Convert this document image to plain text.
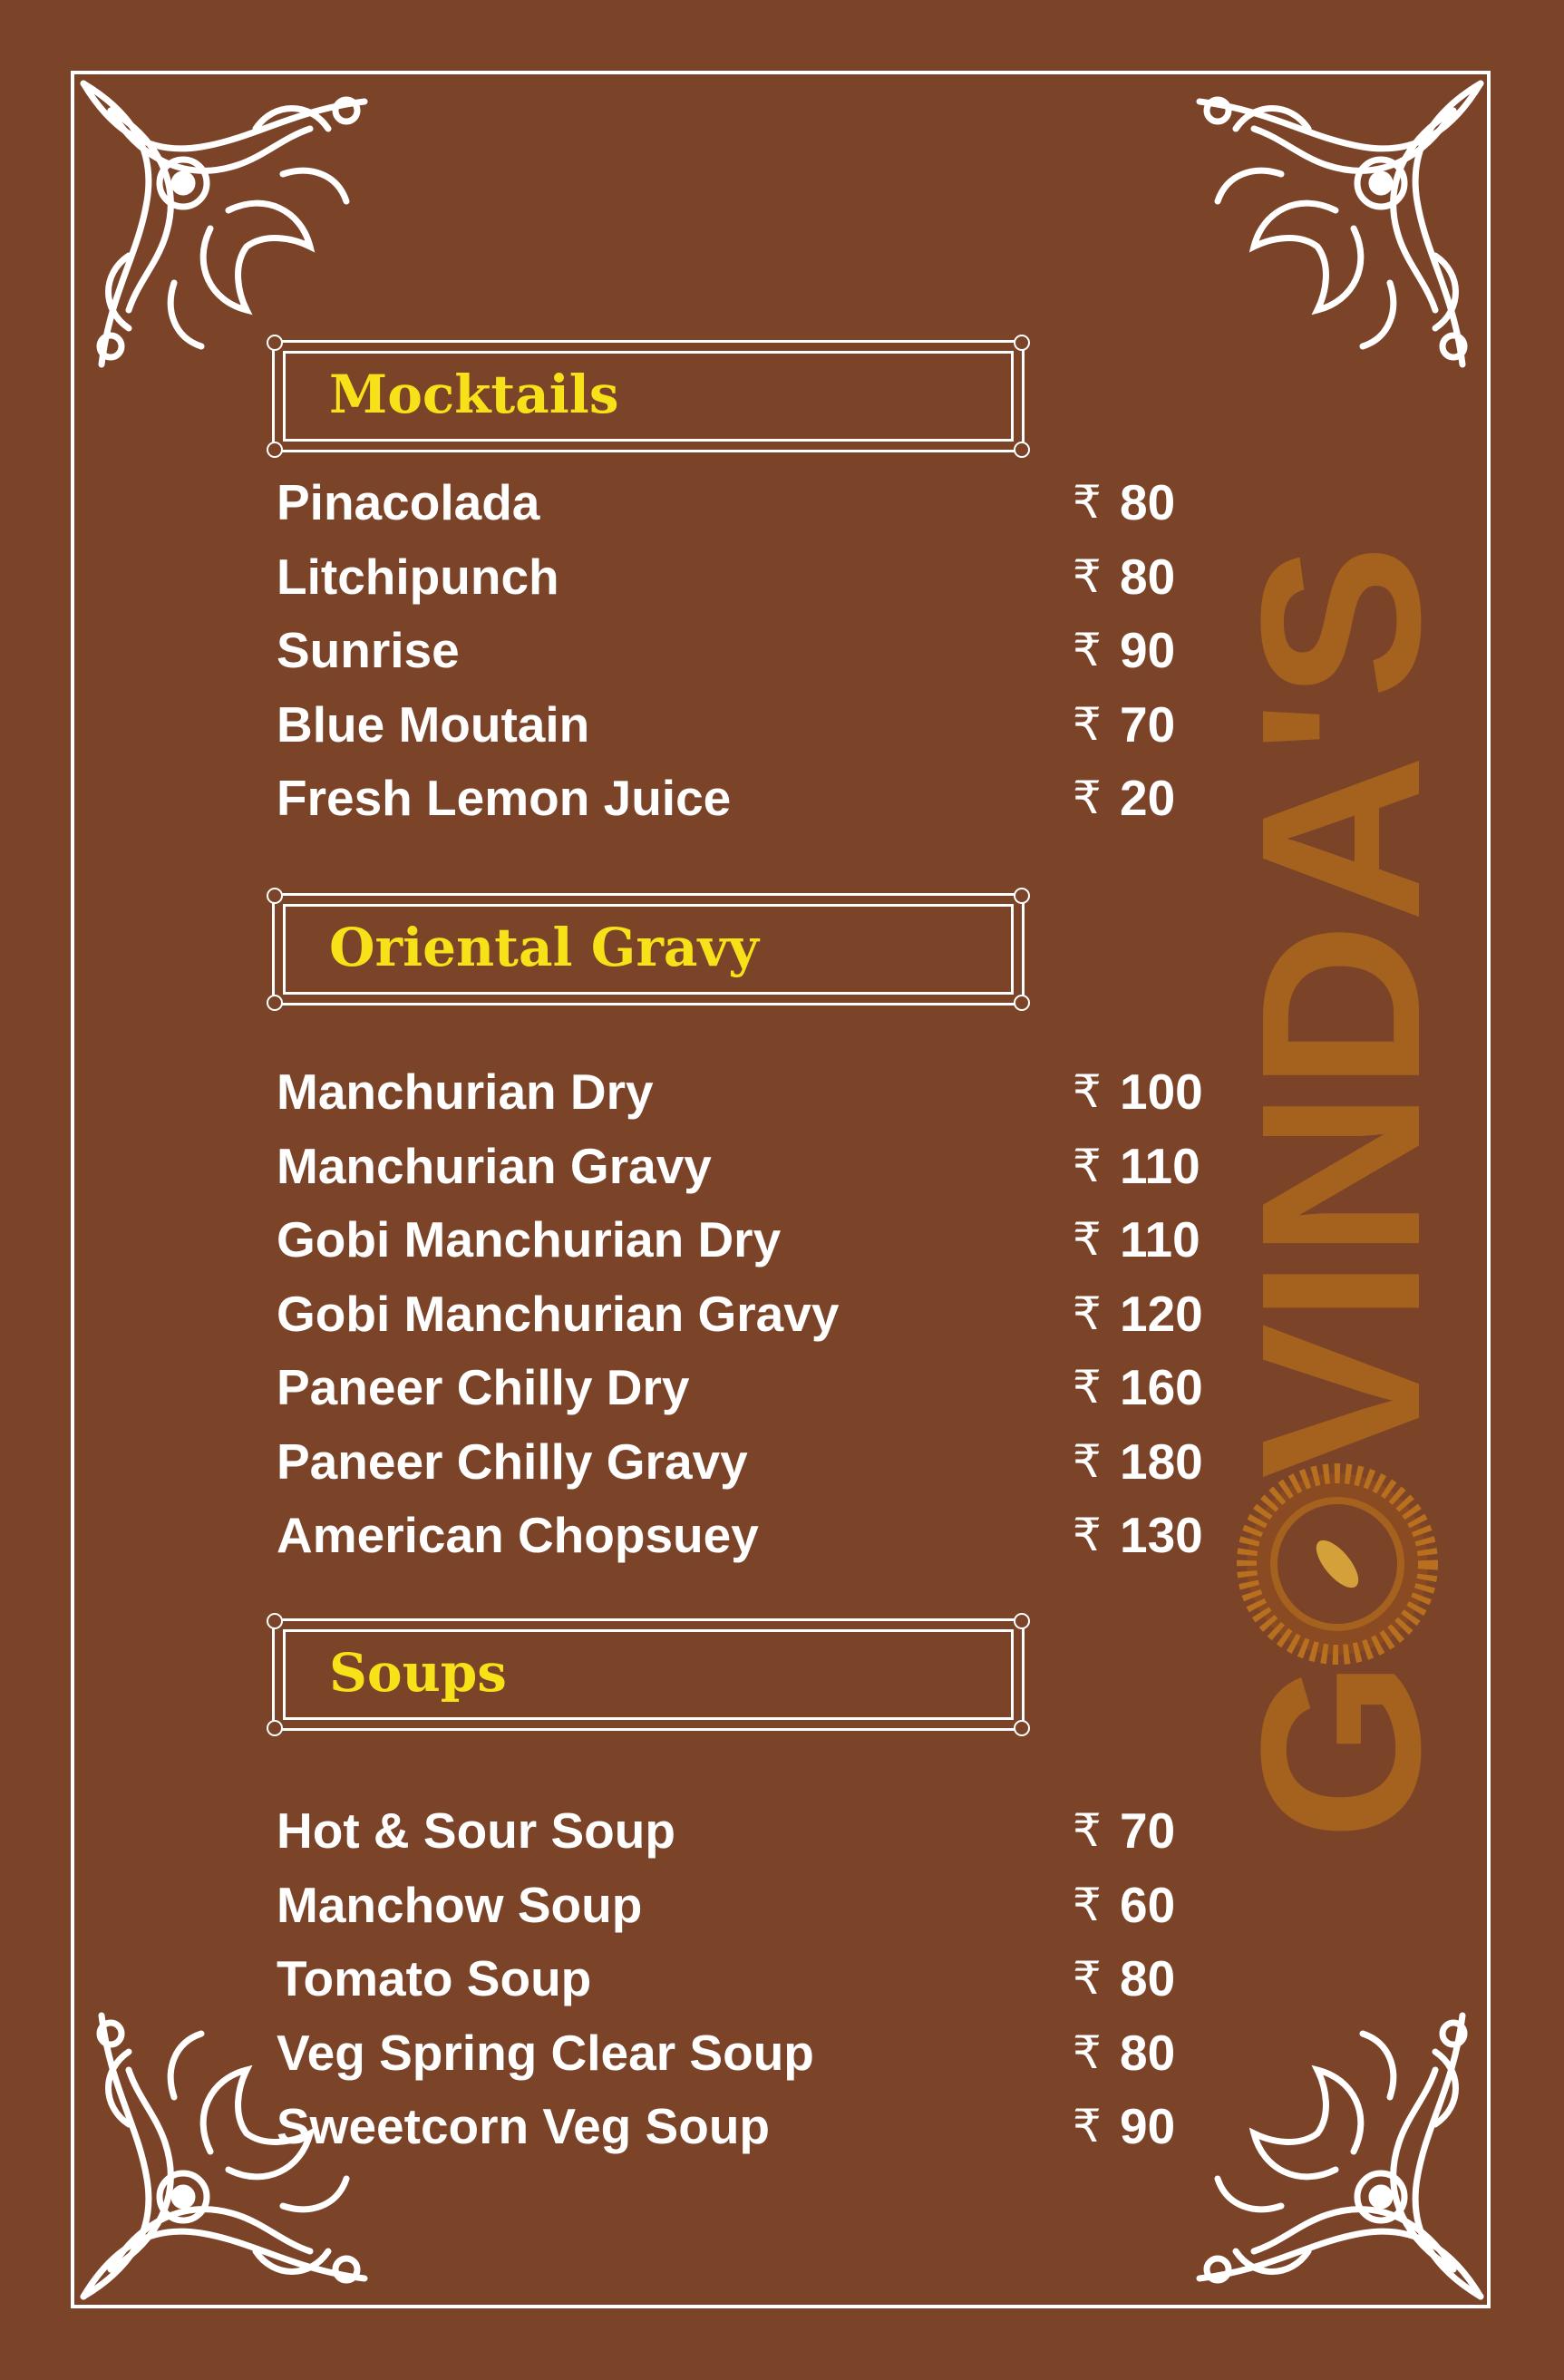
GOVINDA'S
Mocktails
Pinacolada	₹ 80
Litchipunch	₹ 80
Sunrise	₹ 90
Blue Moutain	₹ 70
Fresh Lemon Juice	₹ 20
Oriental Gravy
Manchurian Dry	₹ 100
Manchurian Gravy	₹ 110
Gobi Manchurian Dry	₹ 110
Gobi Manchurian Gravy	₹ 120
Paneer Chilly Dry	₹ 160
Paneer Chilly Gravy	₹ 180
American Chopsuey	₹ 130
Soups
Hot & Sour Soup	₹ 70
Manchow Soup	₹ 60
Tomato Soup	₹ 80
Veg Spring Clear Soup	₹ 80
Sweetcorn Veg Soup	₹ 90
